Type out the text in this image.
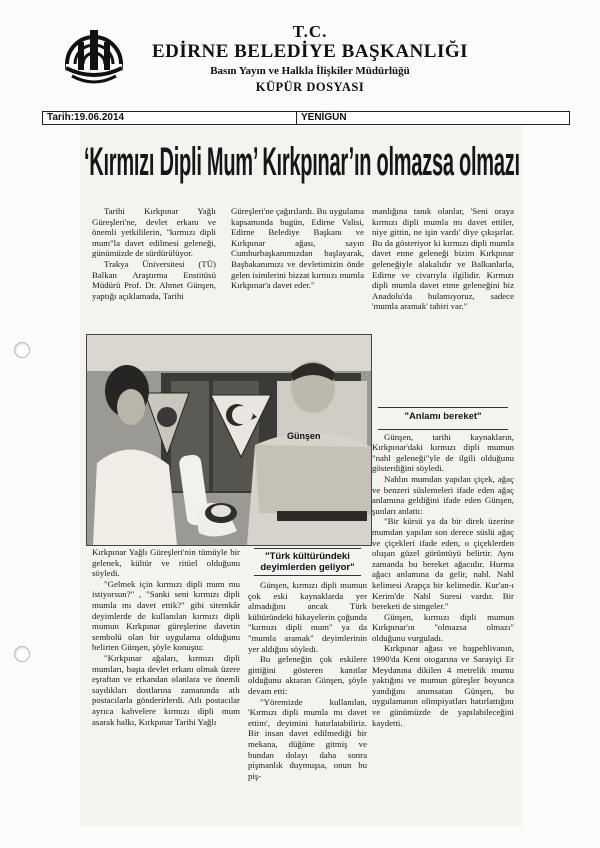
T.C.
EDİRNE BELEDİYE BAŞKANLIĞI
Basın Yayın ve Halkla İlişkiler Müdürlüğü
KÜPÜR DOSYASI
Tarih:19.06.2014	YENİGÜN
‘Kırmızı Dipli Mum’ Kırkpınar’ın olmazsa olmazı

Tarihi Kırkpınar Yağlı Güreşleri'ne, devlet erkanı ve önemli yetkililerin, "kırmızı dipli mum"la davet edilmesi geleneği, günümüzde de sürdürülüyor.

Trakya Üniversitesi (TÜ) Balkan Araştırma Enstitüsü Müdürü Prof. Dr. Ahmet Günşen, yaptığı açıklamada, Tarihi

Güreşleri'ne çağırılardı. Bu uygulama kapsamında bugün, Edirne Valisi, Edirne Belediye Başkanı ve Kırkpınar ağası, sayın Cumhurbaşkanımızdan başlayarak, Başbakanımızı ve devletimizin önde gelen isimlerini bizzat kırmızı mumla Kırkpınar'a davet eder."

manlığına tanık olanlar, 'Seni oraya kırmızı dipli mumla mı davet ettiler, niye gittin, ne işin vardı' diye çıkışırlar. Bu da gösteriyor ki kırmızı dipli mumla davet etme geleneği bizim Kırkpınar geleneğiyle alakalıdır ve Balkanlarla, Edirne ve civarıyla ilgilidir. Kırmızı dipli mumla davet etme geleneğini biz Anadolu'da bulamıyoruz, sadece 'mumla aramak' tabiri var."

Günşen

Kırkpınar Yağlı Güreşleri'nin tümüyle bir gelenek, kültür ve ritüel olduğunu söyledi.

"Gelmek için kırmızı dipli mum mu istiyorsun?" , "Sanki seni kırmızı dipli mumla mı davet ettik?" gibi sitemkâr deyimlerde de kullanılan kırmızı dipli mumun Kırkpınar güreşlerine davetin sembolü olan bir uygulama olduğunu belirten Günşen, şöyle konuştu:

"Kırkpınar ağaları, kırmızı dipli mumları, başta devlet erkanı olmak üzere eşraftan ve erkandan olanlara ve önemli saydıkları dostlarına zamanında atlı postacılarla gönderirlerdi. Atlı postacılar ayrıca kahvelere kırmızı dipli mum asarak halkı, Kırkpınar Tarihi Yağlı

"Türk kültüründeki deyimlerden geliyor"

Günşen, kırmızı dipli mumun çok eski kaynaklarda yer almadığını ancak Türk kültüründeki hikayelerin çoğunda "kırmızı dipli mum" ya da "mumla aramak" deyimlerinin yer aldığını söyledi.

Bu geleneğin çok eskilere gittiğini gösteren kanıtlar olduğunu aktaran Günşen, şöyle devam etti:

"Yöremizde kullanılan, 'Kırmızı dipli mumla mı davet ettim', deyimini hatırlatabiliriz. Bir insan davet edilmediği bir mekana, düğüne gitmiş ve bundan dolayı daha sonra pişmanlık duymuşsa, onun bu piş-

"Anlamı bereket"

Günşen, tarihi kaynakların, Kırkpınar'daki kırmızı dipli mumun "nahl geleneği"yle de ilgili olduğunu gösterdiğini söyledi.

Nahlın mumdan yapılan çiçek, ağaç ve benzeri süslemeleri ifade eden ağaç anlamına geldiğini ifade eden Günşen, şunları anlattı:

"Bir kürsü ya da bir direk üzerine mumdan yapılan son derece süslü ağaç ve çiçekleri ifade eden, o çiçeklerden oluşan güzel görüntüyü belirtir. Aynı zamanda bu bereket ağacıdır. Hurma ağacı anlamına da gelir, nahl. Nahl kelimesi Arapça bir kelimedir. Kur'an-ı Kerim'de Nahl Suresi vardır. Bir bereketi de simgeler."

Günşen, kırmızı dipli mumun Kırkpınar'ın "olmazsa olmazı" olduğunu vurguladı.

Kırkpınar ağası ve başpehlivanın, 1990'da Kent otogarına ve Sarayiçi Er Meydanına dikilen 4 metrelik mumu yaktığını ve mumun güreşler boyunca yandığını anımsatan Günşen, bu uygulamanın olimpiyatları hatırlattığını ve günümüzde de yapılabileceğini kaydetti.
